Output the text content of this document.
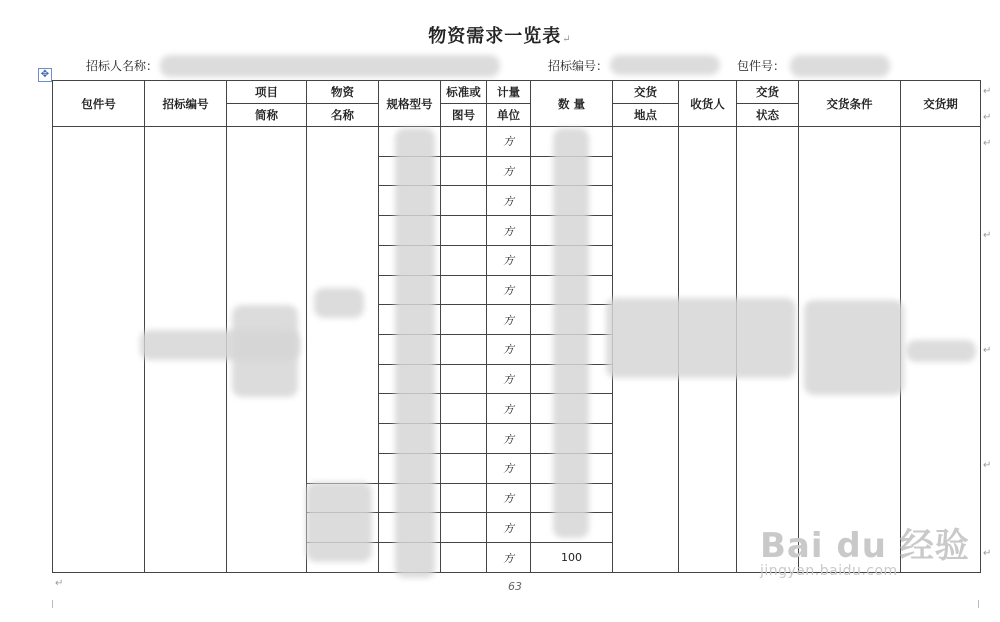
物资需求一览表↵
招标人名称：	招标编号：	包件号：
✥
包件号	招标编号	项目	物资	规格型号	标准或	计量	数 量	交货	收货人	交货	交货条件	交货期
		简称	名称		图号	单位		地点		状态		
						方						
						方						
						方						
						方						
						方						
						方						
						方						
						方						
						方						
						方						
						方						
						方						
						方						
						方						
						方	100					
↵
↵
↵
↵
↵
↵
↵
↵	63
Bai du 经验
jingyan.baidu.com
